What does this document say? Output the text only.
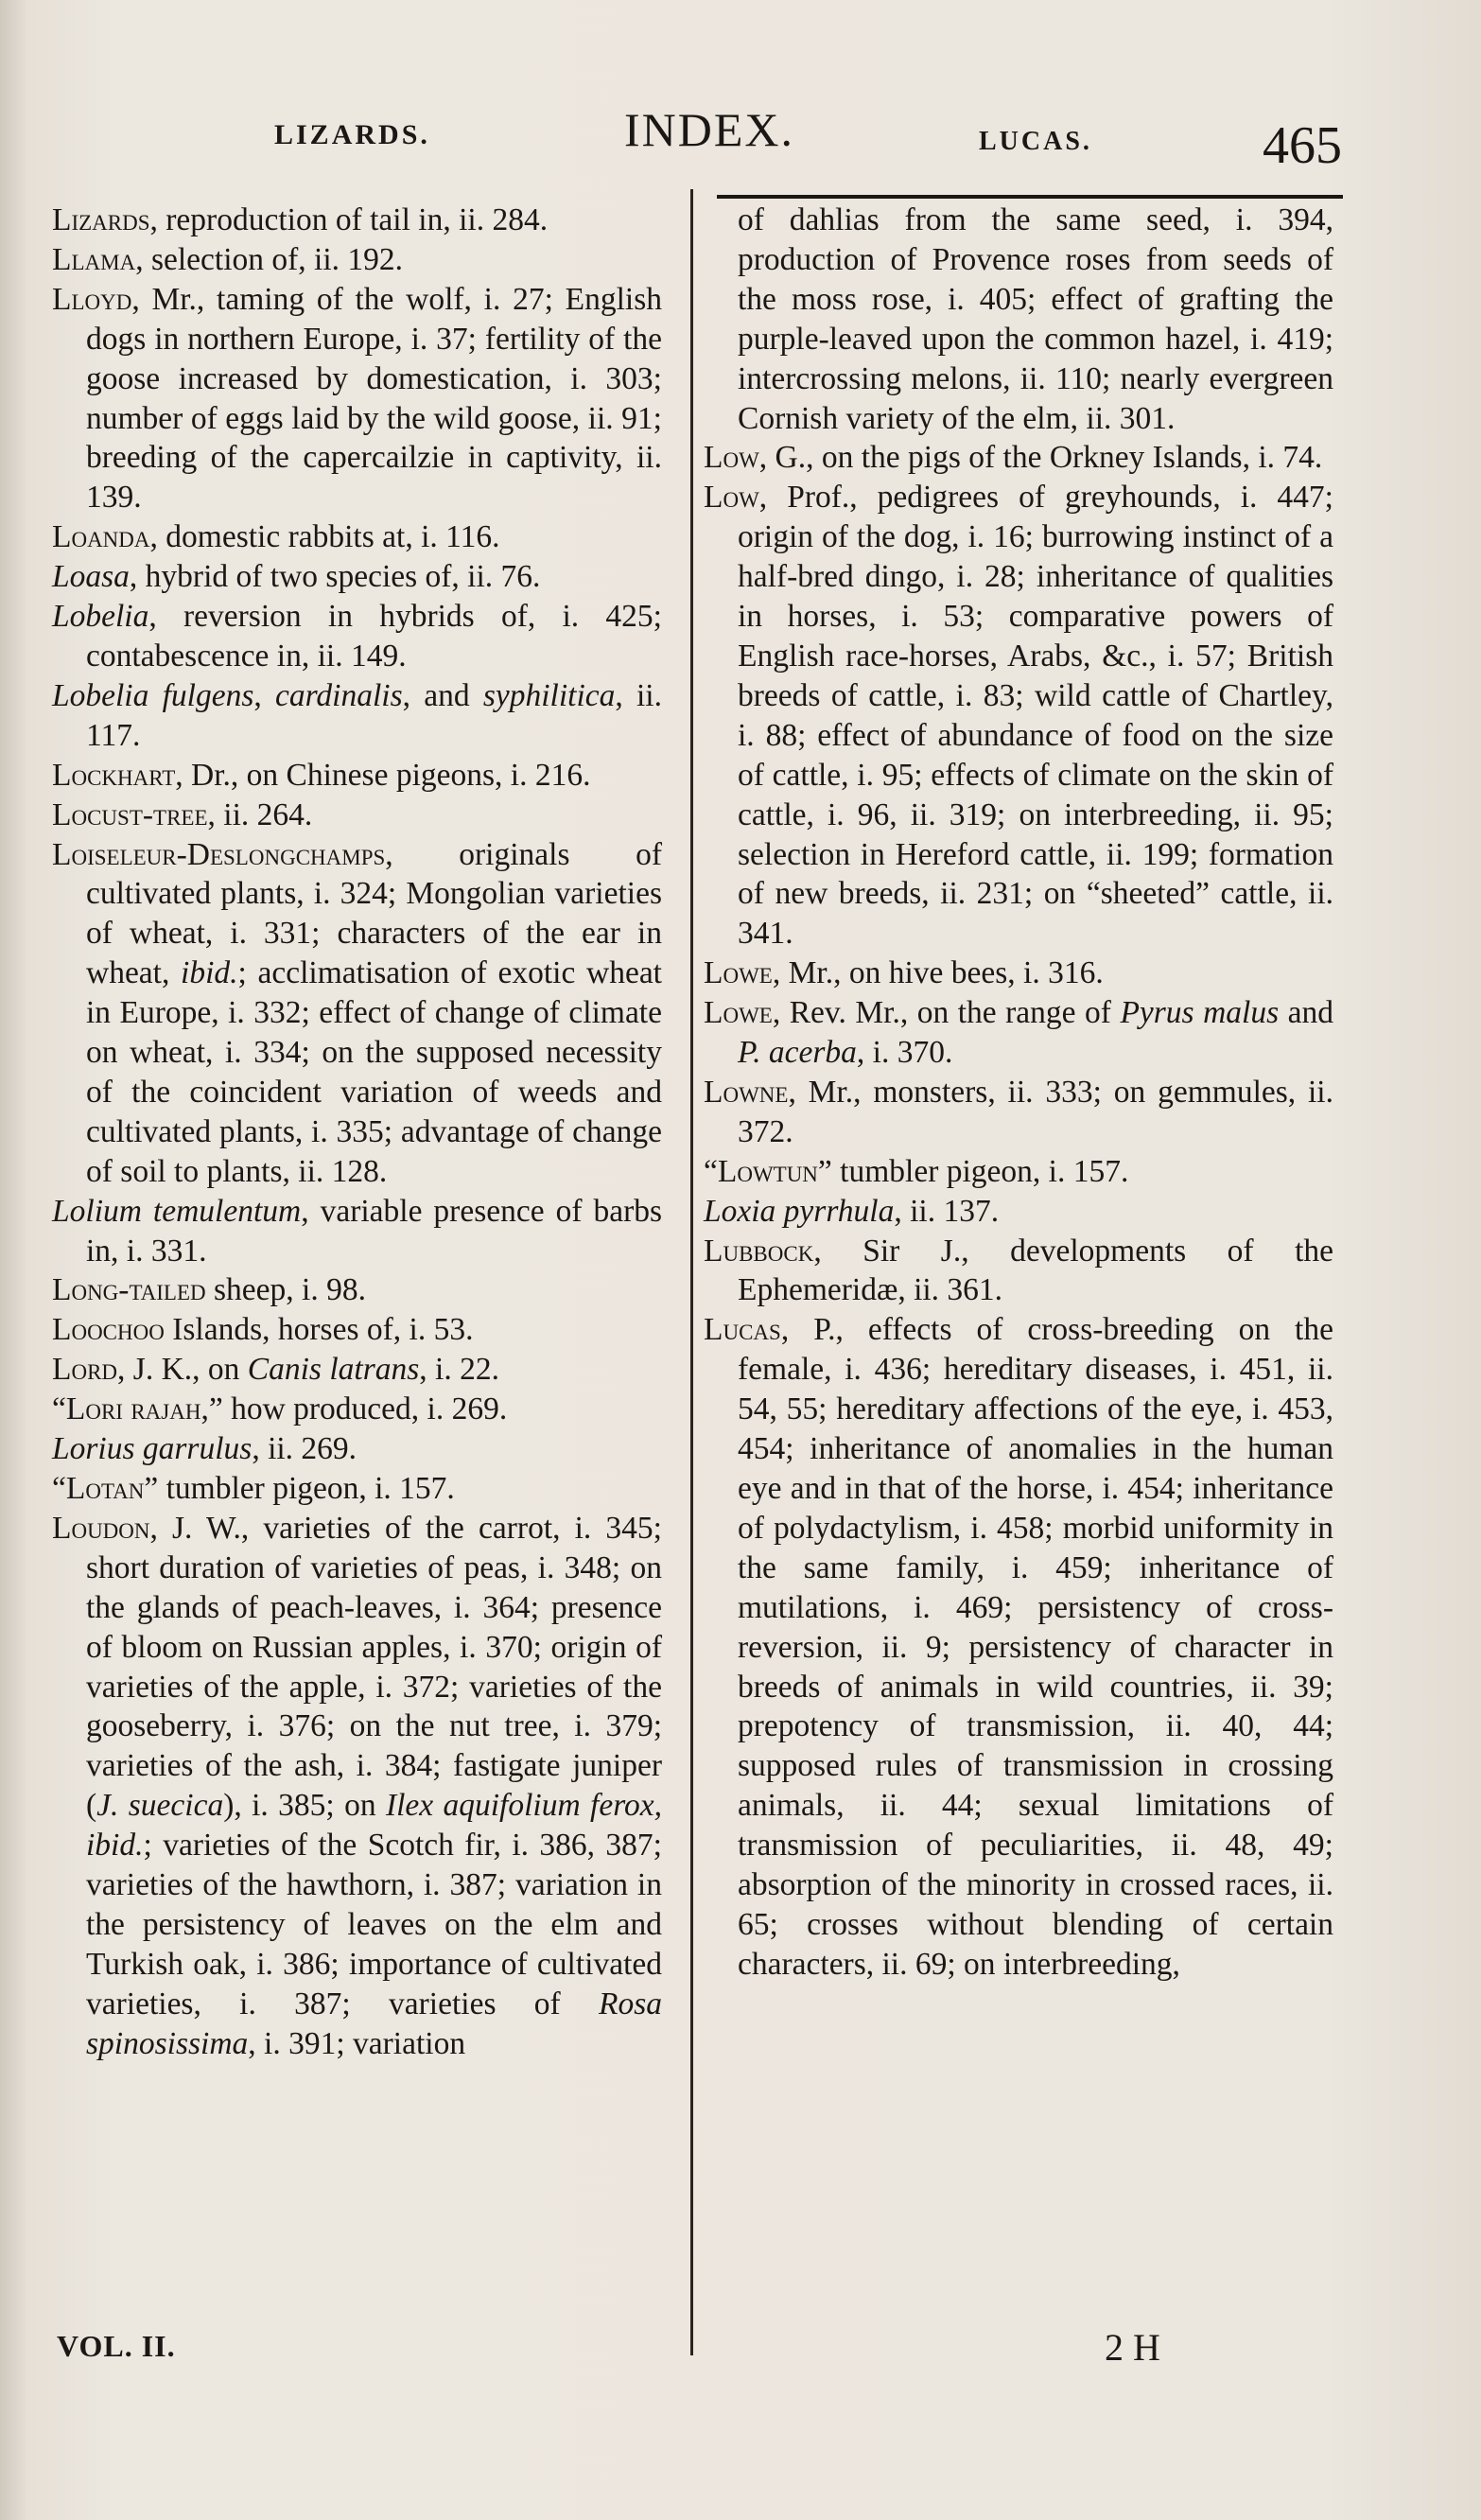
LIZARDS.	INDEX.	LUCAS.	465
Lizards, reproduction of tail in, ii. 284.
Llama, selection of, ii. 192.
Lloyd, Mr., taming of the wolf, i. 27; English dogs in northern Europe, i. 37; fertility of the goose increased by domestication, i. 303; number of eggs laid by the wild goose, ii. 91; breeding of the capercailzie in captivity, ii. 139.
Loanda, domestic rabbits at, i. 116.
Loasa, hybrid of two species of, ii. 76.
Lobelia, reversion in hybrids of, i. 425; contabescence in, ii. 149.
Lobelia fulgens, cardinalis, and syphilitica, ii. 117.
Lockhart, Dr., on Chinese pigeons, i. 216.
Locust-tree, ii. 264.
Loiseleur-Deslongchamps, originals of cultivated plants, i. 324; Mongolian varieties of wheat, i. 331; characters of the ear in wheat, ibid.; acclimatisation of exotic wheat in Europe, i. 332; effect of change of climate on wheat, i. 334; on the supposed necessity of the coincident variation of weeds and cultivated plants, i. 335; advantage of change of soil to plants, ii. 128.
Lolium temulentum, variable presence of barbs in, i. 331.
Long-tailed sheep, i. 98.
Loochoo Islands, horses of, i. 53.
Lord, J. K., on Canis latrans, i. 22.
“Lori rajah,” how produced, i. 269.
Lorius garrulus, ii. 269.
“Lotan” tumbler pigeon, i. 157.
Loudon, J. W., varieties of the carrot, i. 345; short duration of varieties of peas, i. 348; on the glands of peach-leaves, i. 364; presence of bloom on Russian apples, i. 370; origin of varieties of the apple, i. 372; varieties of the gooseberry, i. 376; on the nut tree, i. 379; varieties of the ash, i. 384; fastigate juniper (J. suecica), i. 385; on Ilex aquifolium ferox, ibid.; varieties of the Scotch fir, i. 386, 387; varieties of the hawthorn, i. 387; variation in the persistency of leaves on the elm and Turkish oak, i. 386; importance of cultivated varieties, i. 387; varieties of Rosa spinosissima, i. 391; variation
of dahlias from the same seed, i. 394, production of Provence roses from seeds of the moss rose, i. 405; effect of grafting the purple-leaved upon the common hazel, i. 419; intercrossing melons, ii. 110; nearly evergreen Cornish variety of the elm, ii. 301.
Low, G., on the pigs of the Orkney Islands, i. 74.
Low, Prof., pedigrees of greyhounds, i. 447; origin of the dog, i. 16; burrowing instinct of a half-bred dingo, i. 28; inheritance of qualities in horses, i. 53; comparative powers of English race-horses, Arabs, &c., i. 57; British breeds of cattle, i. 83; wild cattle of Chartley, i. 88; effect of abundance of food on the size of cattle, i. 95; effects of climate on the skin of cattle, i. 96, ii. 319; on interbreeding, ii. 95; selection in Hereford cattle, ii. 199; formation of new breeds, ii. 231; on “sheeted” cattle, ii. 341.
Lowe, Mr., on hive bees, i. 316.
Lowe, Rev. Mr., on the range of Pyrus malus and P. acerba, i. 370.
Lowne, Mr., monsters, ii. 333; on gemmules, ii. 372.
“Lowtun” tumbler pigeon, i. 157.
Loxia pyrrhula, ii. 137.
Lubbock, Sir J., developments of the Ephemeridæ, ii. 361.
Lucas, P., effects of cross-breeding on the female, i. 436; hereditary diseases, i. 451, ii. 54, 55; hereditary affections of the eye, i. 453, 454; inheritance of anomalies in the human eye and in that of the horse, i. 454; inheritance of polydactylism, i. 458; morbid uniformity in the same family, i. 459; inheritance of mutilations, i. 469; persistency of cross-reversion, ii. 9; persistency of character in breeds of animals in wild countries, ii. 39; prepotency of transmission, ii. 40, 44; supposed rules of transmission in crossing animals, ii. 44; sexual limitations of transmission of peculiarities, ii. 48, 49; absorption of the minority in crossed races, ii. 65; crosses without blending of certain characters, ii. 69; on interbreeding,
VOL. II.	2 H
